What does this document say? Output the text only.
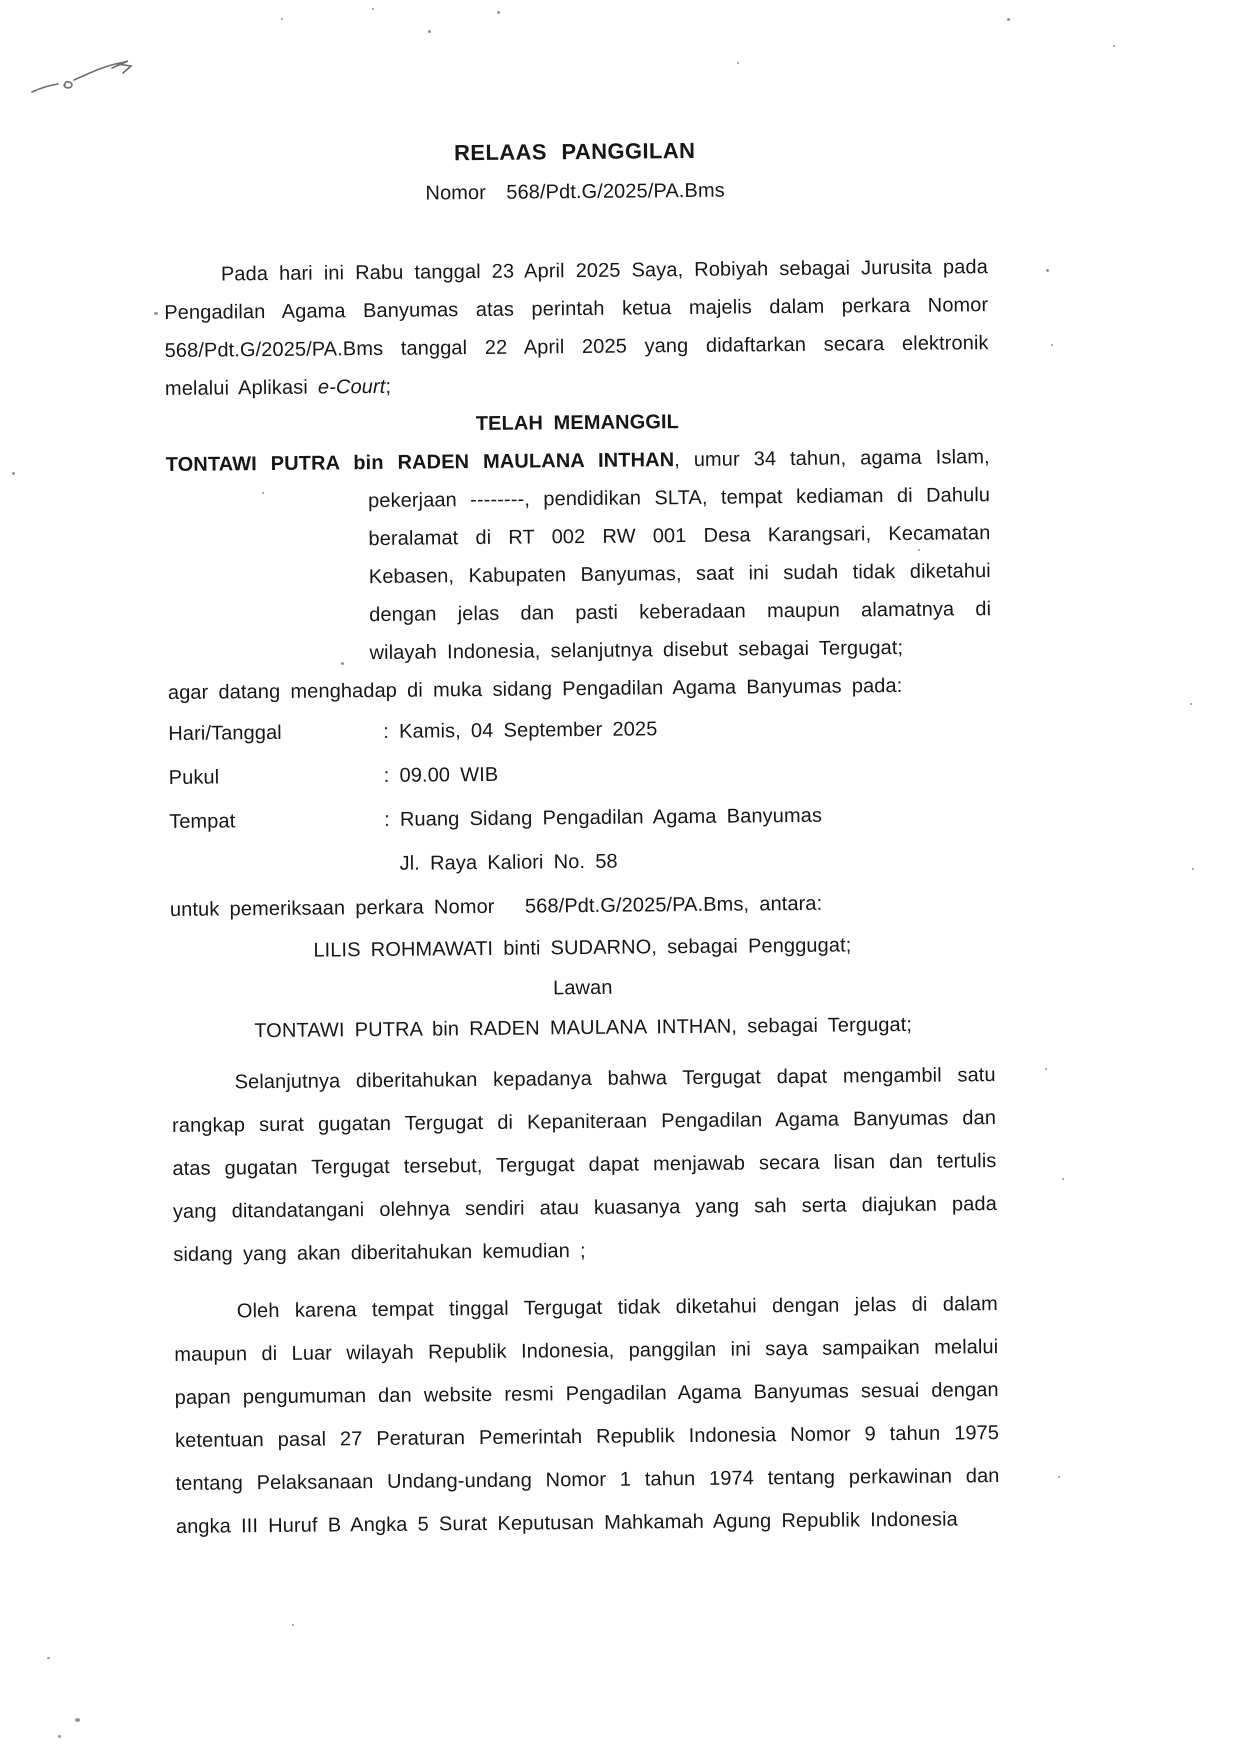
RELAAS PANGGILAN
Nomor  568/Pdt.G/2025/PA.Bms

Pada hari ini Rabu tanggal 23 April 2025 Saya, Robiyah sebagai Jurusita pada Pengadilan Agama Banyumas atas perintah ketua majelis dalam perkara Nomor 568/Pdt.G/2025/PA.Bms tanggal 22 April 2025 yang didaftarkan secara elektronik melalui Aplikasi e-Court;

TELAH MEMANGGIL

TONTAWI PUTRA bin RADEN MAULANA INTHAN, umur 34 tahun, agama Islam, pekerjaan --------, pendidikan SLTA, tempat kediaman di Dahulu beralamat di RT 002 RW 001 Desa Karangsari, Kecamatan Kebasen, Kabupaten Banyumas, saat ini sudah tidak diketahui dengan jelas dan pasti keberadaan maupun alamatnya di wilayah Indonesia, selanjutnya disebut sebagai Tergugat;

agar datang menghadap di muka sidang Pengadilan Agama Banyumas pada:
Hari/Tanggal	: Kamis, 04 September 2025
Pukul	: 09.00 WIB
Tempat	: Ruang Sidang Pengadilan Agama Banyumas
Jl. Raya Kaliori No. 58
untuk pemeriksaan perkara Nomor   568/Pdt.G/2025/PA.Bms, antara:
LILIS ROHMAWATI binti SUDARNO, sebagai Penggugat;
Lawan
TONTAWI PUTRA bin RADEN MAULANA INTHAN, sebagai Tergugat;

Selanjutnya diberitahukan kepadanya bahwa Tergugat dapat mengambil satu rangkap surat gugatan Tergugat di Kepaniteraan Pengadilan Agama Banyumas dan atas gugatan Tergugat tersebut, Tergugat dapat menjawab secara lisan dan tertulis yang ditandatangani olehnya sendiri atau kuasanya yang sah serta diajukan pada sidang yang akan diberitahukan kemudian ;

Oleh karena tempat tinggal Tergugat tidak diketahui dengan jelas di dalam maupun di Luar wilayah Republik Indonesia, panggilan ini saya sampaikan melalui papan pengumuman dan website resmi Pengadilan Agama Banyumas sesuai dengan ketentuan pasal 27 Peraturan Pemerintah Republik Indonesia Nomor 9 tahun 1975 tentang Pelaksanaan Undang-undang Nomor 1 tahun 1974 tentang perkawinan dan angka III Huruf B Angka 5 Surat Keputusan Mahkamah Agung Republik Indonesia
